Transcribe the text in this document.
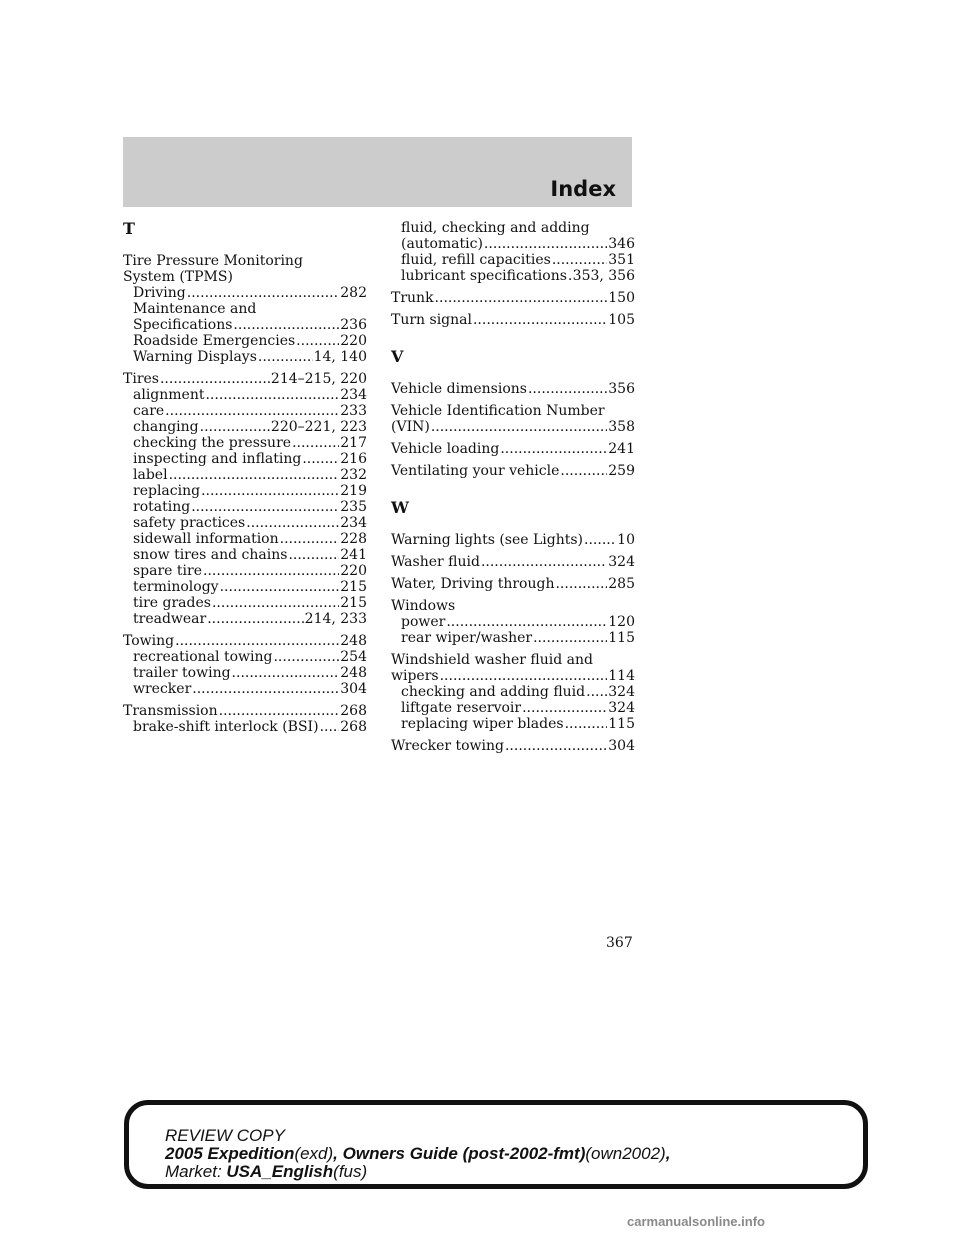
Index
T
Tire Pressure Monitoring
System (TPMS)
Driving .....	282
Maintenance and
Specifications .....	236
Roadside Emergencies .....	220
Warning Displays .....	14, 140
Tires .....	214–215, 220
alignment .....	234
care .....	233
changing .....	220–221, 223
checking the pressure .....	217
inspecting and inflating .....	216
label .....	232
replacing .....	219
rotating .....	235
safety practices .....	234
sidewall information .....	228
snow tires and chains .....	241
spare tire .....	220
terminology .....	215
tire grades .....	215
treadwear .....	214, 233
Towing .....	248
recreational towing .....	254
trailer towing .....	248
wrecker .....	304
Transmission .....	268
brake-shift interlock (BSI) ..... 268
fluid, checking and adding
(automatic) .....	346
fluid, refill capacities .....	351
lubricant specifications ..... 353, 356
Trunk .....	150
Turn signal .....	105
V
Vehicle dimensions .....	356
Vehicle Identification Number
(VIN) .....	358
Vehicle loading .....	241
Ventilating your vehicle .....	259
W
Warning lights (see Lights) ..... 10
Washer fluid .....	324
Water, Driving through .....	285
Windows
power .....	120
rear wiper/washer .....	115
Windshield washer fluid and
wipers .....	114
checking and adding fluid ..... 324
liftgate reservoir .....	324
replacing wiper blades .....	115
Wrecker towing .....	304
367
REVIEW COPY
2005 Expedition(exd), Owners Guide (post-2002-fmt)(own2002),
Market: USA_English(fus)
carmanualsonline.info
